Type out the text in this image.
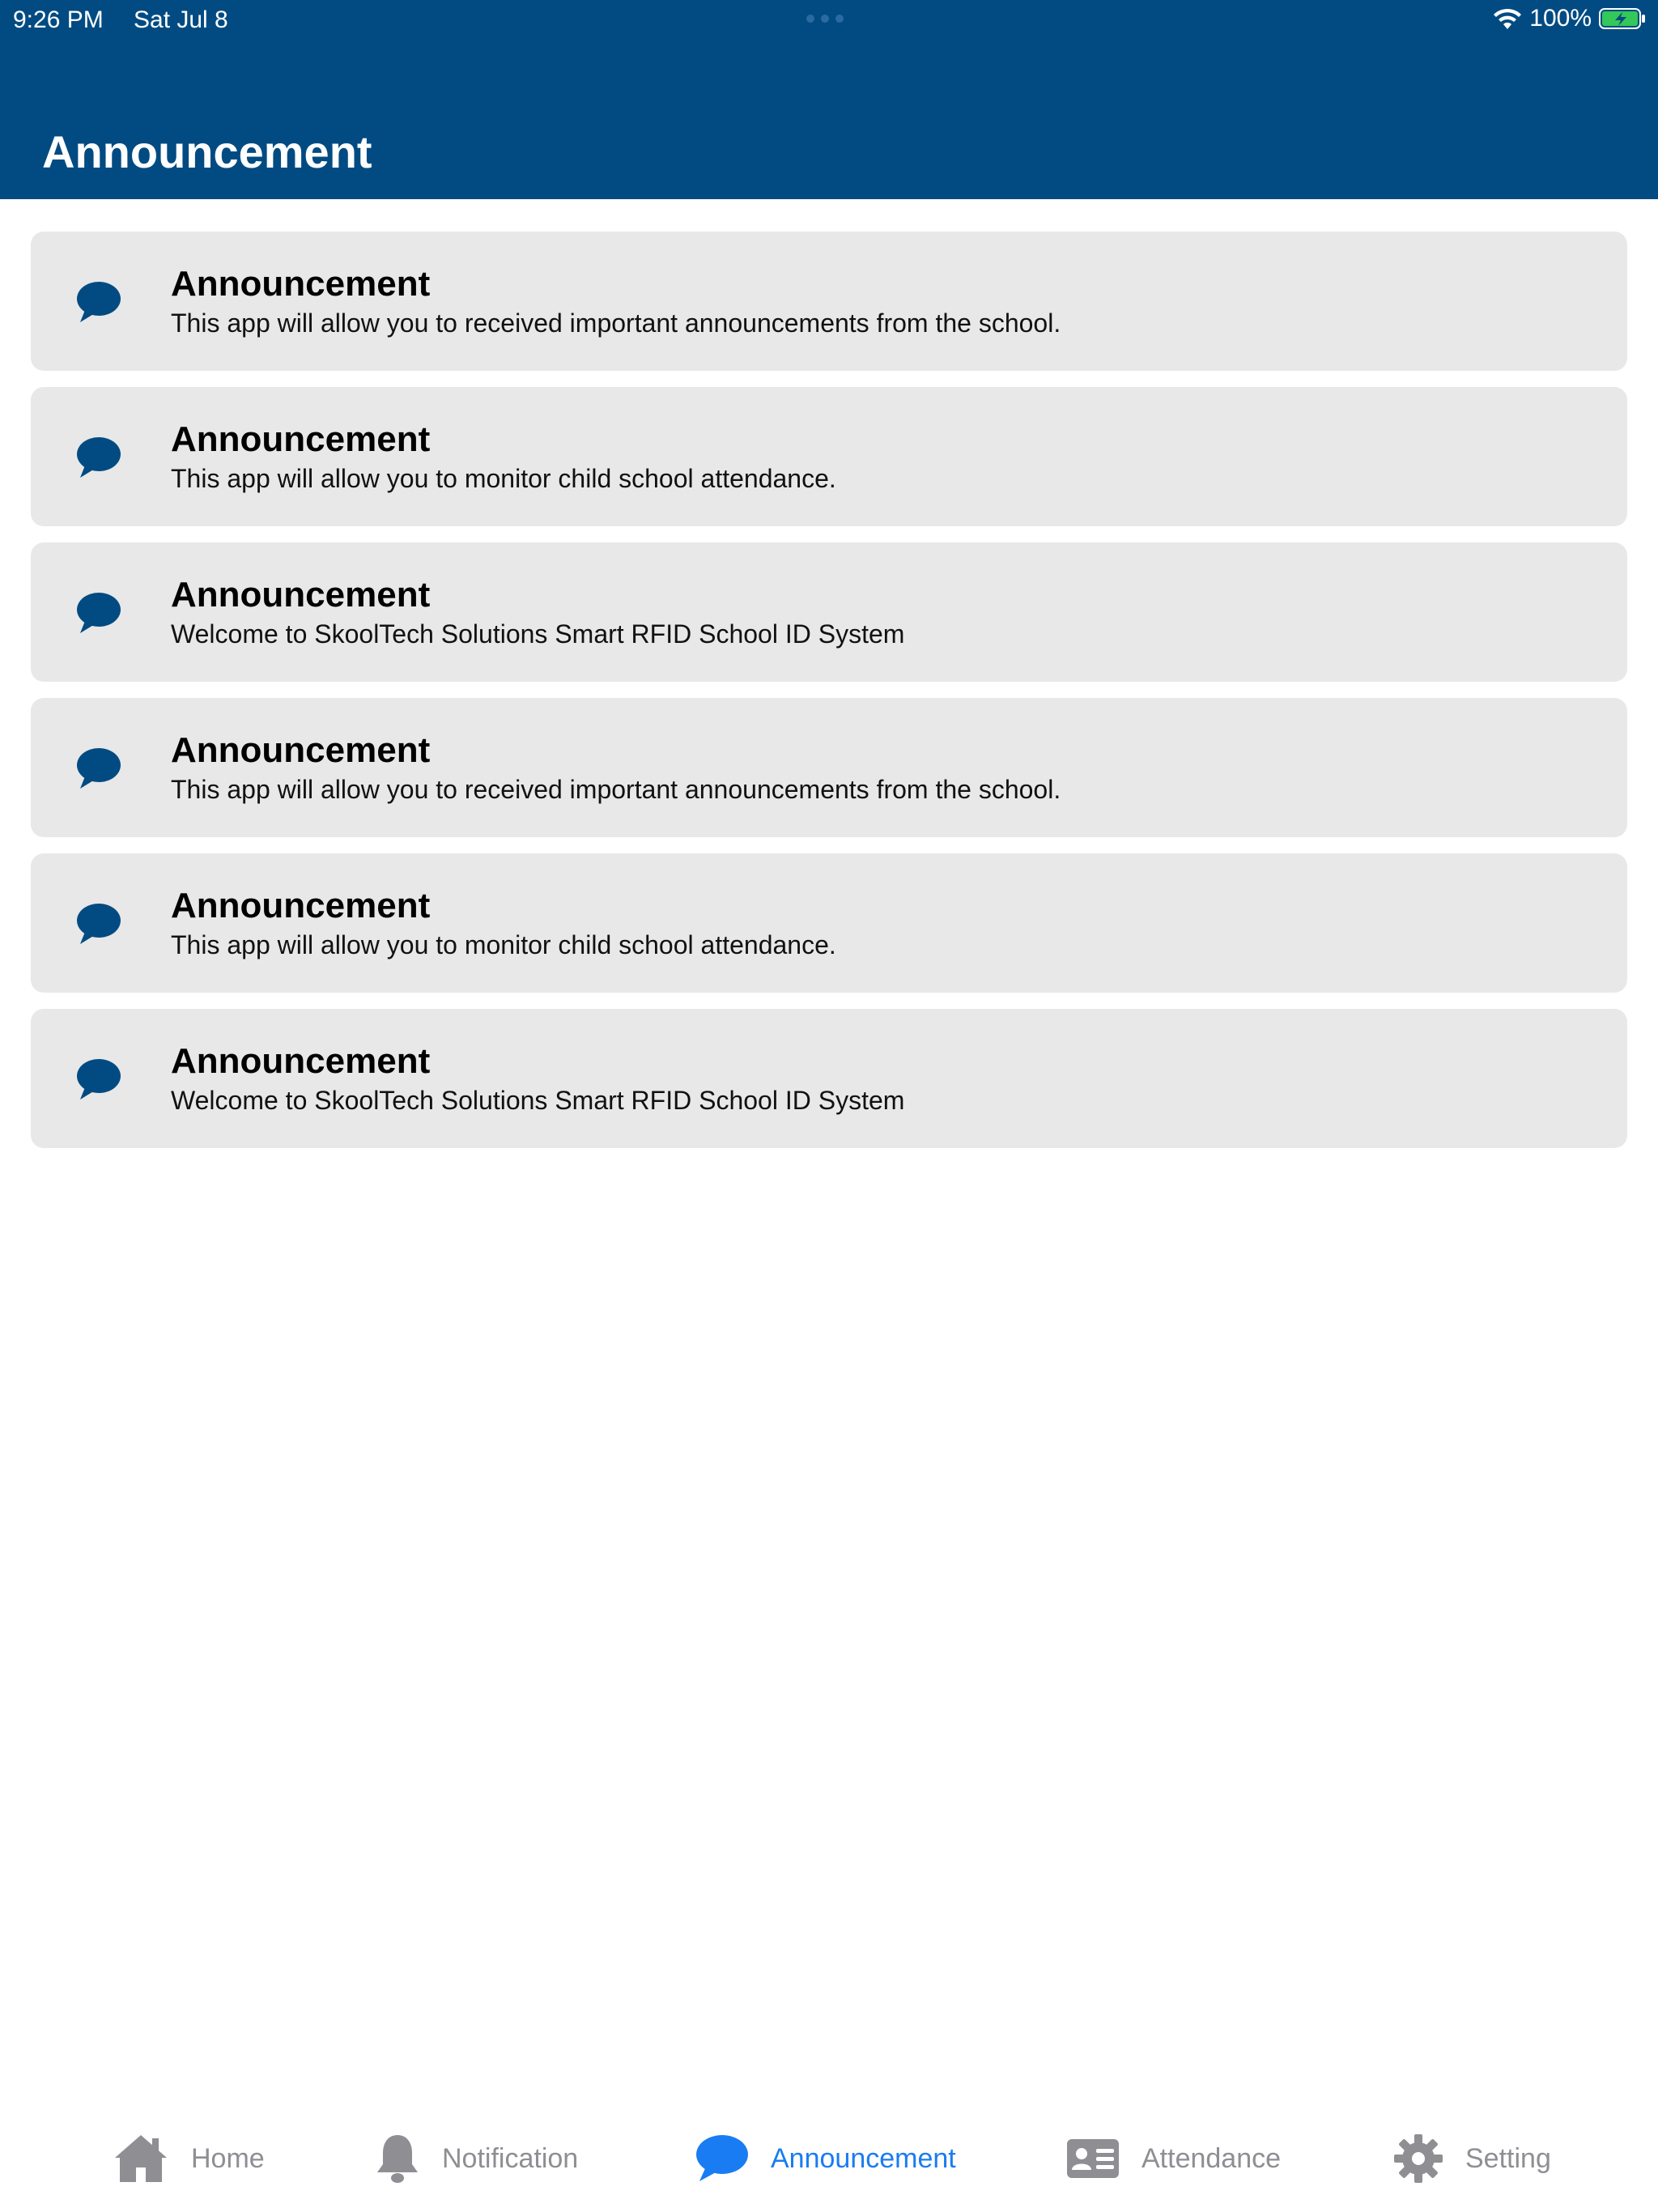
9:26 PM Sat Jul 8	100%
Announcement
Announcement
This app will allow you to received important announcements from the school.
Announcement
This app will allow you to monitor child school attendance.
Announcement
Welcome to SkoolTech Solutions Smart RFID School ID System
Announcement
This app will allow you to received important announcements from the school.
Announcement
This app will allow you to monitor child school attendance.
Announcement
Welcome to SkoolTech Solutions Smart RFID School ID System
Home	Notification	Announcement	Attendance	Setting
